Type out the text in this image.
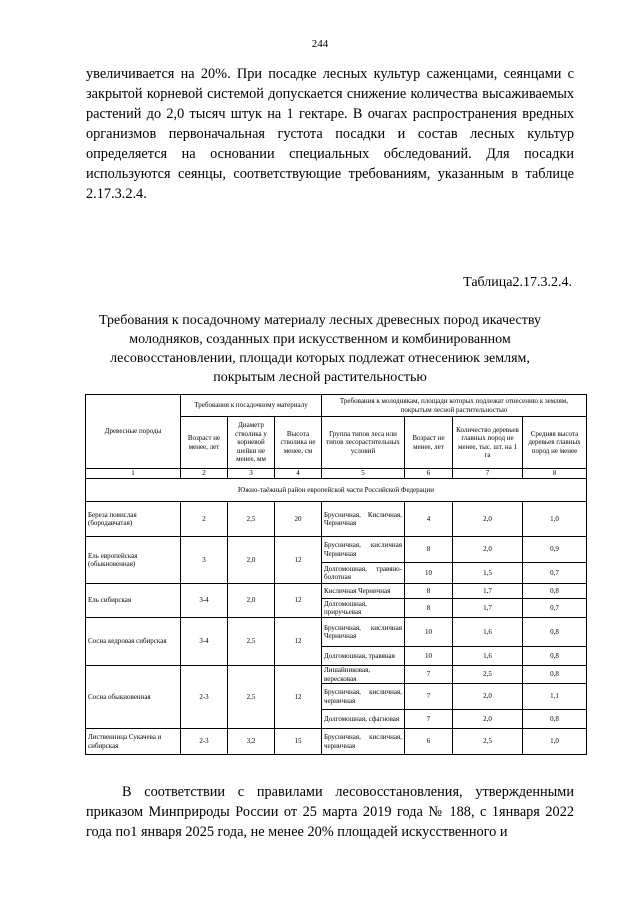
244

увеличивается на 20%. При посадке лесных культур саженцами, сеянцами с закрытой корневой системой допускается снижение количества высаживаемых растений до 2,0 тысяч штук на 1 гектаре. В очагах распространения вредных организмов первоначальная густота посадки и состав лесных культур определяется на основании специальных обследований. Для посадки используются сеянцы, соответствующие требованиям, указанным в таблице 2.17.3.2.4.

Таблица2.17.3.2.4.

Требования к посадочному материалу лесных древесных пород икачеству молодняков, созданных при искусственном и комбинированном лесовосстановлении, площади которых подлежат отнесениюк землям, покрытым лесной растительностью

Древесные породы	Требования к посадочному материалу			Требования к молоднякам, площади которых подлежат отнесению к землям, покрытым лесной растительностью			
	Возраст не менее, лет	Диаметр стволика у корневой шейки не менее, мм	Высота стволика не менее, см	Группа типов леса или типов лесорастительных условий	Возраст не менее, лет	Количество деревьев главных пород не менее, тыс. шт. на 1 га	Средняя высота деревьев главных пород не менее
1	2	3	4	5	6	7	8
Южно-таёжный район европейской части Российской Федерации							
Береза повислая (бородавчатая)	2	2,5	20	Брусничная, Кисличная, Черничная	4	2,0	1,0
Ель европейская (обыкновенная)	3	2,0	12	Брусничная, кисличная Черничная	8	2,0	0,9
				Долгомошная, травяно-болотная	10	1,5	0,7
Ель сибирская	3-4	2,0	12	Кисличная Черничная	8	1,7	0,8
				Долгомошная, приручьевая	8	1,7	0,7
Сосна кедровая сибирская	3-4	2,5	12	Брусничная, кисличная Черничная	10	1,6	0,8
				Долгомошная, травяная	10	1,6	0,8
Сосна обыкновенная	2-3	2,5	12	Лишайниковая, вересковая	7	2,5	0,8
				Брусничная, кисличная, черничная	7	2,0	1,1
				Долгомошная, сфагновая	7	2,0	0,8
Лиственница Сукачева и сибирская	2-3	3,2	15	Брусничная, кисличная, черничная	6	2,5	1,0

В соответствии с правилами лесовосстановления, утвержденными приказом Минприроды России от 25 марта 2019 года № 188, с 1января 2022 года по1 января 2025 года, не менее 20% площадей искусственного и
